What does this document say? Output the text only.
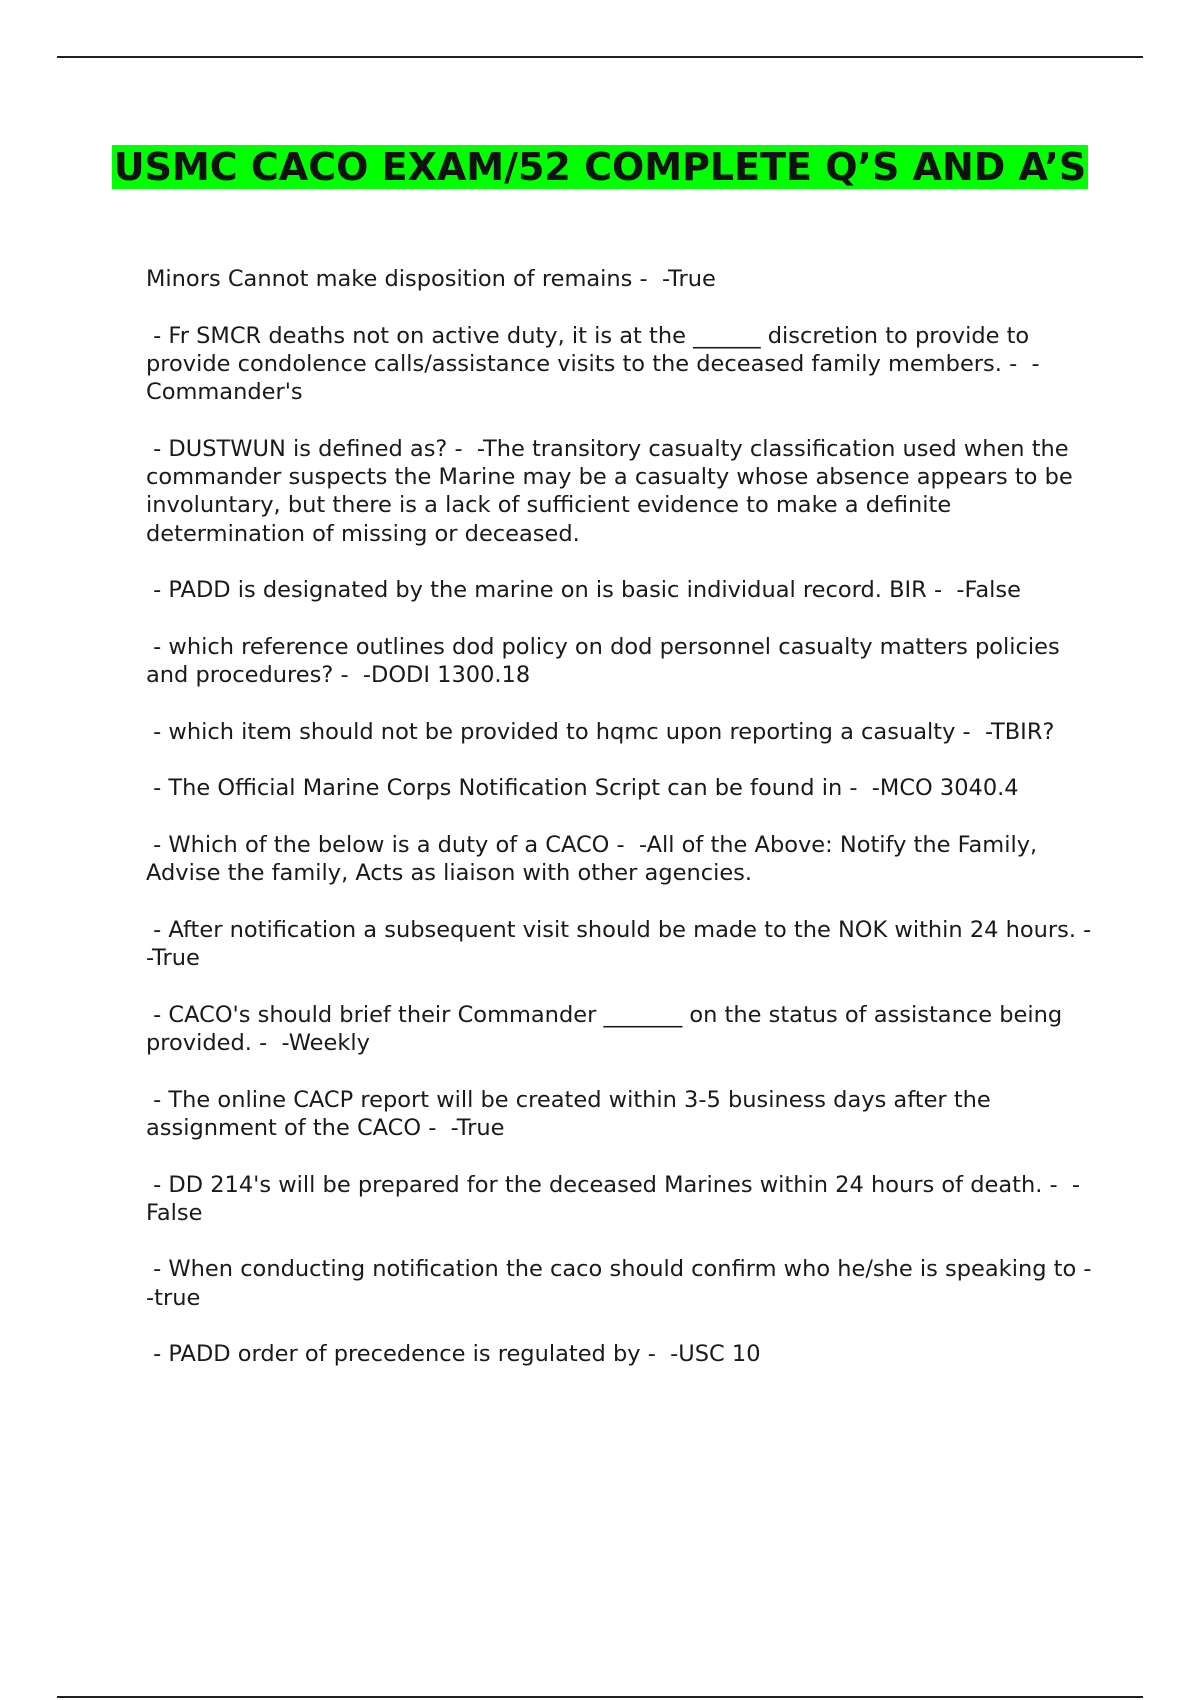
USMC CACO EXAM/52 COMPLETE Q’S AND A’S

Minors Cannot make disposition of remains -  -True

- Fr SMCR deaths not on active duty, it is at the ______ discretion to provide to provide condolence calls/assistance visits to the deceased family members. -  -Commander's

- DUSTWUN is defined as? -  -The transitory casualty classification used when the commander suspects the Marine may be a casualty whose absence appears to be involuntary, but there is a lack of sufficient evidence to make a definite determination of missing or deceased.

- PADD is designated by the marine on is basic individual record. BIR -  -False

- which reference outlines dod policy on dod personnel casualty matters policies and procedures? -  -DODI 1300.18

- which item should not be provided to hqmc upon reporting a casualty -  -TBIR?

- The Official Marine Corps Notification Script can be found in -  -MCO 3040.4

- Which of the below is a duty of a CACO -  -All of the Above: Notify the Family, Advise the family, Acts as liaison with other agencies.

- After notification a subsequent visit should be made to the NOK within 24 hours. -  -True

- CACO's should brief their Commander _______ on the status of assistance being provided. -  -Weekly

- The online CACP report will be created within 3-5 business days after the assignment of the CACO -  -True

- DD 214's will be prepared for the deceased Marines within 24 hours of death. -  -False

- When conducting notification the caco should confirm who he/she is speaking to -  -true

- PADD order of precedence is regulated by -  -USC 10
